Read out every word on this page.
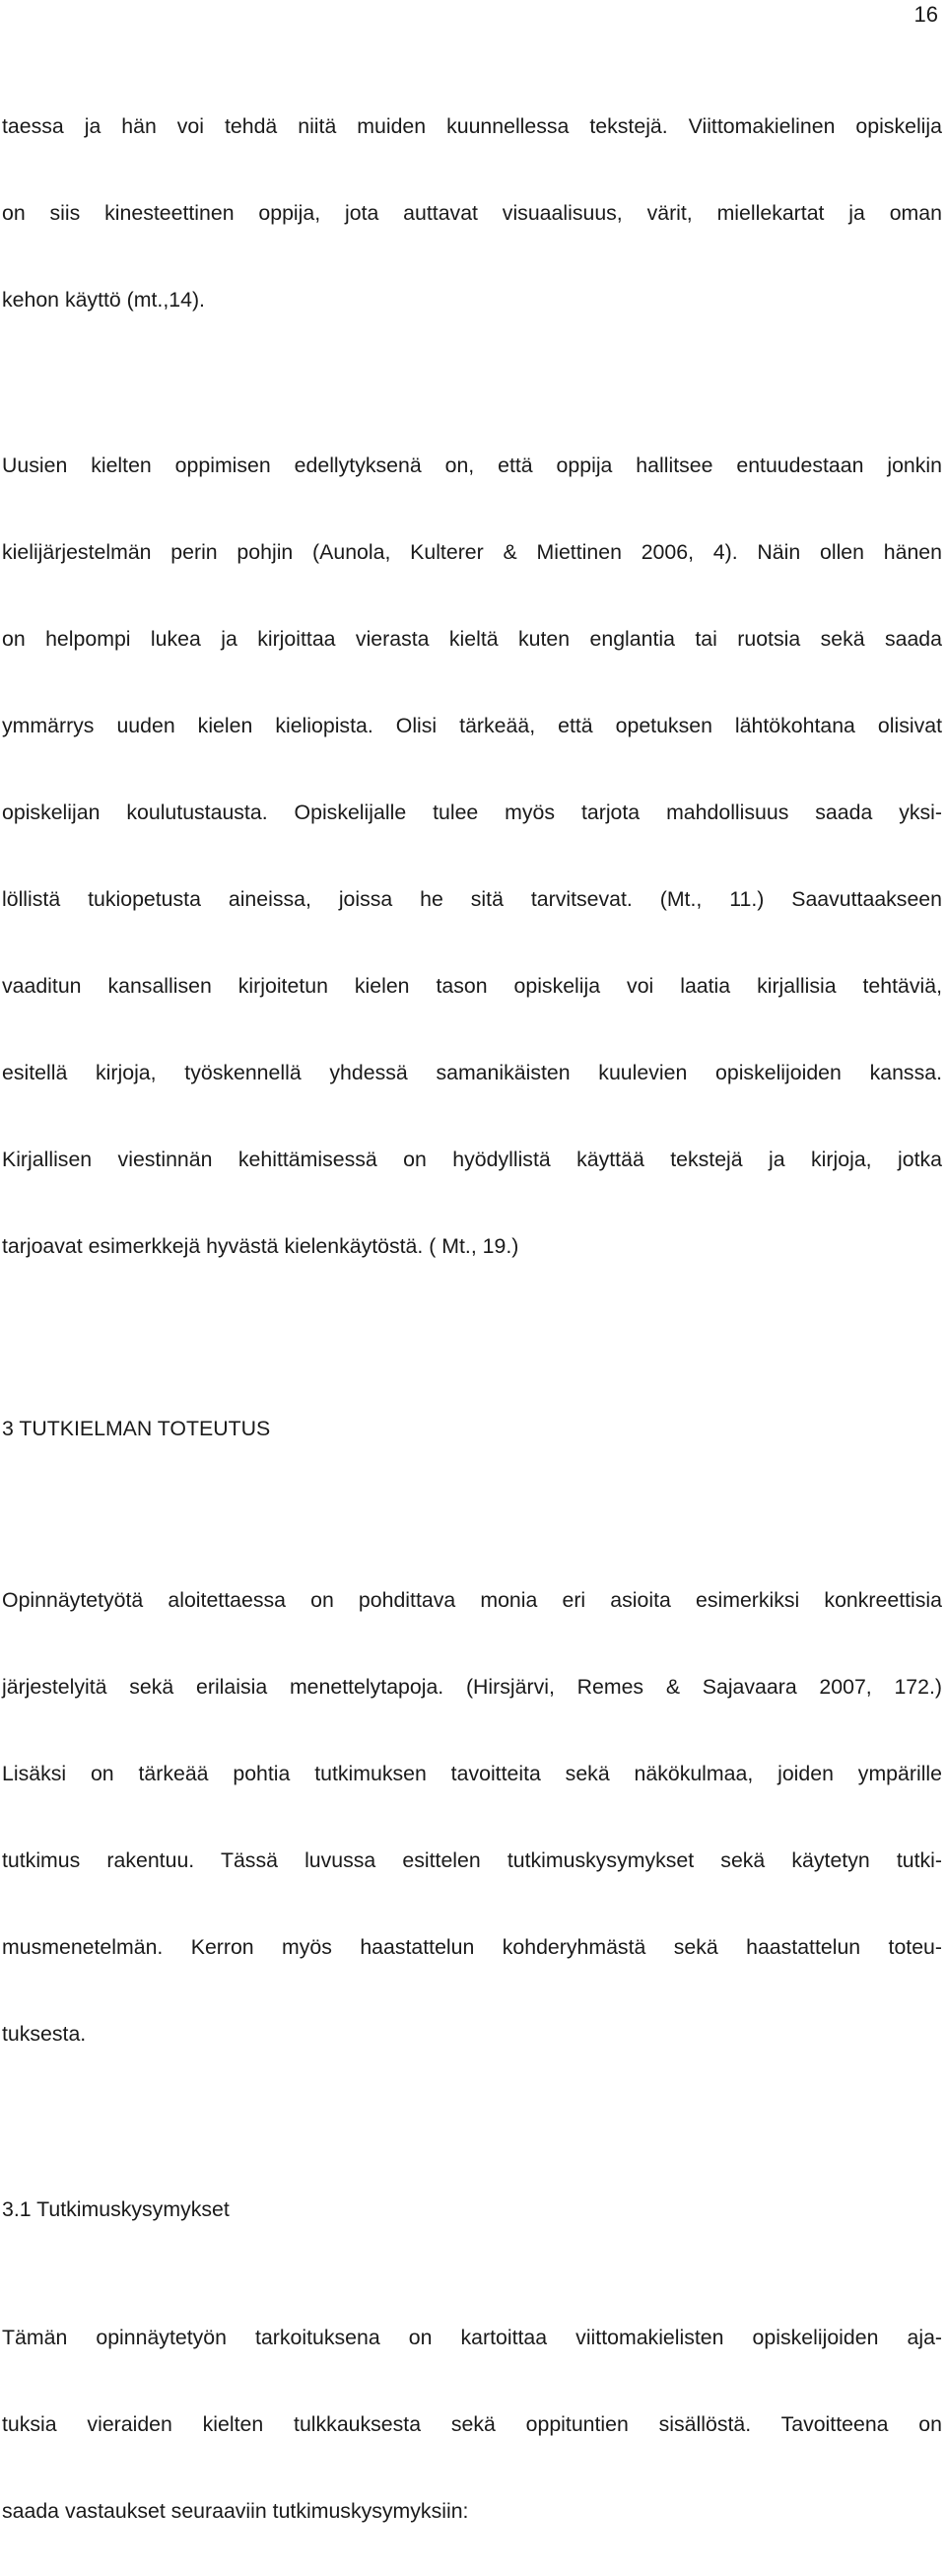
16

taessa ja hän voi tehdä niitä muiden kuunnellessa tekstejä. Viittomakielinen opiskelija

on siis kinesteettinen oppija, jota auttavat visuaalisuus, värit, miellekartat ja oman

kehon käyttö (mt.,14).

Uusien kielten oppimisen edellytyksenä on, että oppija hallitsee entuudestaan jonkin

kielijärjestelmän perin pohjin (Aunola, Kulterer & Miettinen 2006, 4). Näin ollen hänen

on helpompi lukea ja kirjoittaa vierasta kieltä kuten englantia tai ruotsia sekä saada

ymmärrys uuden kielen kieliopista. Olisi tärkeää, että opetuksen lähtökohtana olisivat

opiskelijan koulutustausta. Opiskelijalle tulee myös tarjota mahdollisuus saada yksi-

löllistä tukiopetusta aineissa, joissa he sitä tarvitsevat. (Mt., 11.) Saavuttaakseen

vaaditun kansallisen kirjoitetun kielen tason opiskelija voi laatia kirjallisia tehtäviä,

esitellä kirjoja, työskennellä yhdessä samanikäisten kuulevien opiskelijoiden kanssa.

Kirjallisen viestinnän kehittämisessä on hyödyllistä käyttää tekstejä ja kirjoja, jotka

tarjoavat esimerkkejä hyvästä kielenkäytöstä. ( Mt., 19.)

3 TUTKIELMAN TOTEUTUS

Opinnäytetyötä aloitettaessa on pohdittava monia eri asioita esimerkiksi konkreettisia

järjestelyitä sekä erilaisia menettelytapoja. (Hirsjärvi, Remes & Sajavaara 2007, 172.)

Lisäksi on tärkeää pohtia tutkimuksen tavoitteita sekä näkökulmaa, joiden ympärille

tutkimus rakentuu. Tässä luvussa esittelen tutkimuskysymykset sekä käytetyn tutki-

musmenetelmän. Kerron myös haastattelun kohderyhmästä sekä haastattelun toteu-

tuksesta.

3.1 Tutkimuskysymykset

Tämän opinnäytetyön tarkoituksena on kartoittaa viittomakielisten opiskelijoiden aja-

tuksia vieraiden kielten tulkkauksesta sekä oppituntien sisällöstä. Tavoitteena on

saada vastaukset seuraaviin tutkimuskysymyksiin:
